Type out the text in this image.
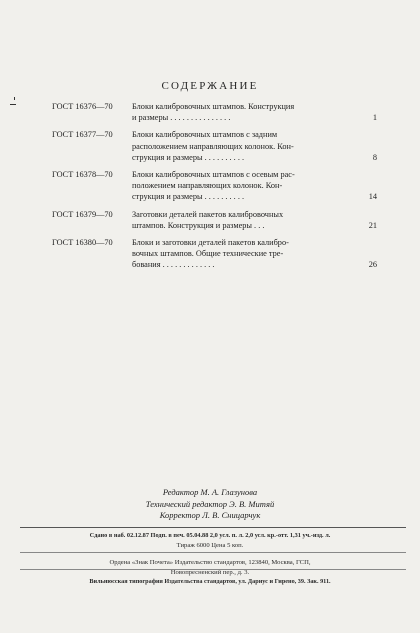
СОДЕРЖАНИЕ
ГОСТ 16376—70	Блоки калибровочных штампов. Конструкция
и размеры . . . . . . . . . . . . . . .	1
ГОСТ 16377—70	Блоки калибровочных штампов с задним
расположением направляющих колонок. Кон-
струкция и размеры . . . . . . . . . .	8
ГОСТ 16378—70	Блоки калибровочных штампов с осевым рас-
положением направляющих колонок. Кон-
струкция и размеры . . . . . . . . . .	14
ГОСТ 16379—70	Заготовки деталей пакетов калибровочных
штампов. Конструкция и размеры . . .	21
ГОСТ 16380—70	Блоки и заготовки деталей пакетов калибро-
вочных штампов. Общие технические тре-
бования . . . . . . . . . . . . .	26
Редактор М. А. Глазунова
Технический редактор Э. В. Митяй
Корректор Л. В. Сницарчук
Сдано в наб. 02.12.87 Подп. в печ. 05.04.88 2,0 усл. п. л. 2,0 усл. кр.-отт. 1,31 уч.-изд. л.
Тираж 6000 Цена 5 коп.
Ордена «Знак Почета» Издательство стандартов, 123840, Москва, ГСП,
Новопресненский пер., д. 3.
Вильнюсская типография Издательства стандартов, ул. Дариус и Гирено, 39. Зак. 911.
